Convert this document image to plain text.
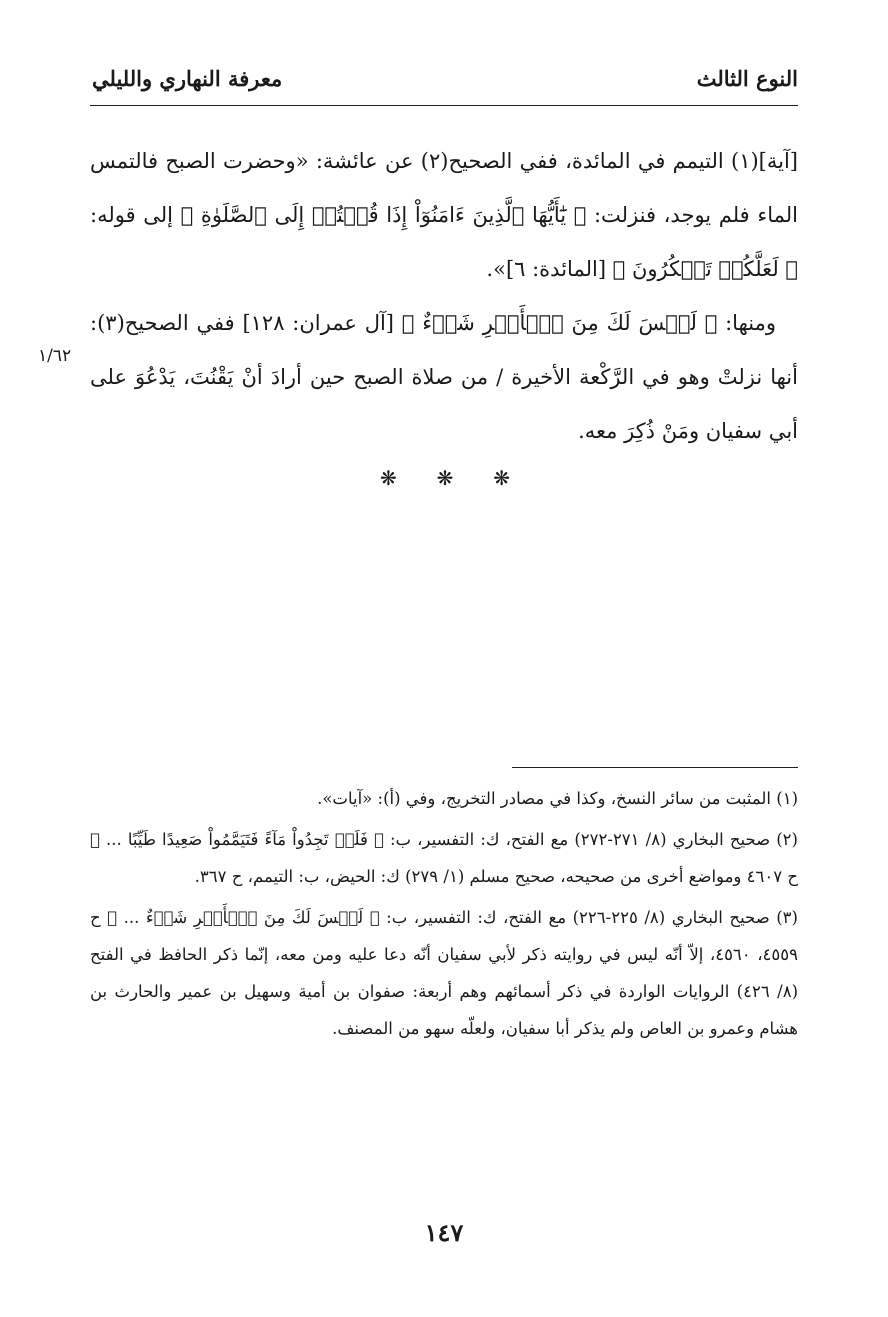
النوع الثالث
معرفة النهاري والليلي

[آية](١) التيمم في المائدة، ففي الصحيح(٢) عن عائشة: «وحضرت الصبح فالتمس الماء فلم يوجد، فنزلت: ﴿ يَٰٓأَيُّهَا ٱلَّذِينَ ءَامَنُوٓاْ إِذَا قُمۡتُمۡ إِلَى ٱلصَّلَوٰةِ ﴾ إلى قوله: ﴿ لَعَلَّكُمۡ تَشۡكُرُونَ ﴾ [المائدة: ٦]».

ومنها: ﴿ لَيۡسَ لَكَ مِنَ ٱلۡأَمۡرِ شَيۡءٌ ﴾ [آل عمران: ١٢٨] ففي الصحيح(٣): أنها نزلتْ وهو في الرَّكْعة الأخيرة / من صلاة الصبح حين أرادَ أنْ يَقْنُتَ، يَدْعُوَ على أبي سفيان ومَنْ ذُكِرَ معه.

١/٦٢
❋ ❋ ❋

(١) المثبت من سائر النسخ، وكذا في مصادر التخريج، وفي (أ): «آيات».

(٢) صحيح البخاري (٨/ ٢٧١-٢٧٢) مع الفتح، ك: التفسير، ب: ﴿ فَلَمۡ تَجِدُواْ مَآءً فَتَيَمَّمُواْ صَعِيدًا طَيِّبًا ... ﴾ ح ٤٦٠٧ ومواضع أخرى من صحيحه، صحيح مسلم (١/ ٢٧٩) ك: الحيض، ب: التيمم، ح ٣٦٧.

(٣) صحيح البخاري (٨/ ٢٢٥-٢٢٦) مع الفتح، ك: التفسير، ب: ﴿ لَيۡسَ لَكَ مِنَ ٱلۡأَمۡرِ شَيۡءٌ ... ﴾ ح ٤٥٥٩، ٤٥٦٠، إلاّ أنّه ليس في روايته ذكر لأبي سفيان أنّه دعا عليه ومن معه، إنّما ذكر الحافظ في الفتح (٨/ ٤٢٦) الروايات الواردة في ذكر أسمائهم وهم أربعة: صفوان بن أمية وسهيل بن عمير والحارث بن هشام وعمرو بن العاص ولم يذكر أبا سفيان، ولعلّه سهو من المصنف.

١٤٧
